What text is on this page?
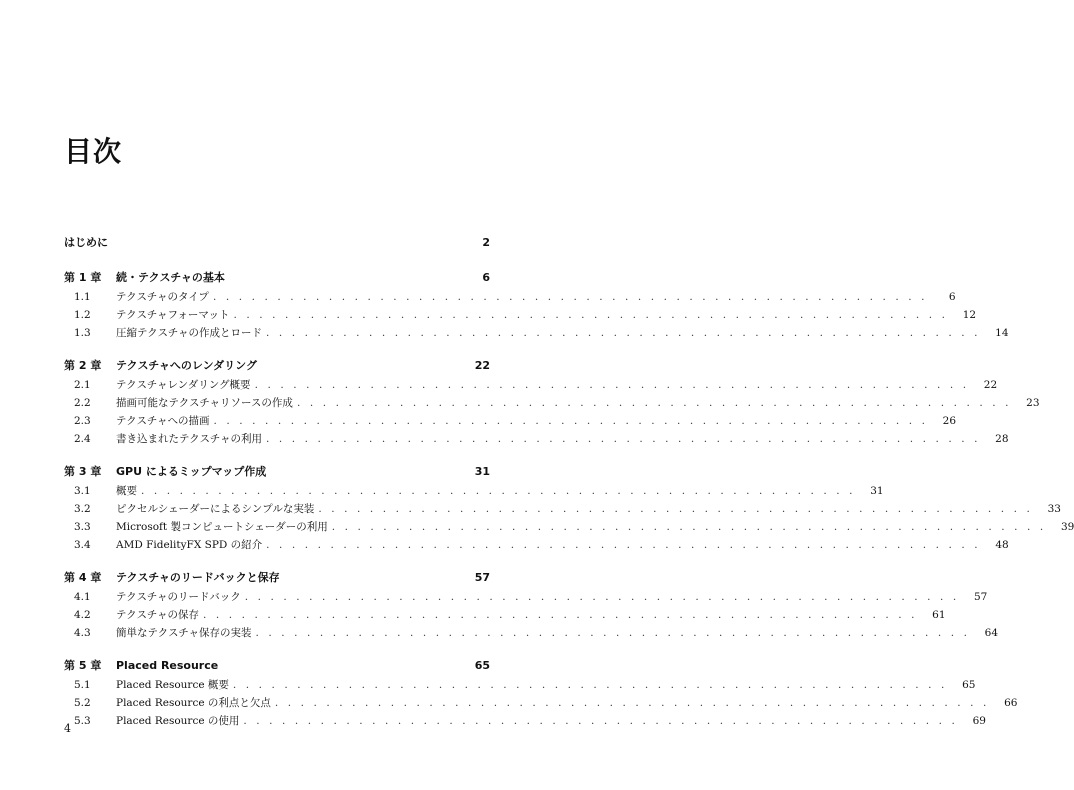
目次
はじめに	2
第 1 章	続・テクスチャの基本	6
1.1	テクスチャのタイプ . . .	6
1.2	テクスチャフォーマット . . .	12
1.3	圧縮テクスチャの作成とロード . . .	14
第 2 章	テクスチャへのレンダリング	22
2.1	テクスチャレンダリング概要 . . .	22
2.2	描画可能なテクスチャリソースの作成 . . .	23
2.3	テクスチャへの描画 . . .	26
2.4	書き込まれたテクスチャの利用 . . .	28
第 3 章	GPU によるミップマップ作成	31
3.1	概要 . . .	31
3.2	ピクセルシェーダーによるシンプルな実装 . . .	33
3.3	Microsoft 製コンピュートシェーダーの利用 . . .	39
3.4	AMD FidelityFX SPD の紹介 . . .	48
第 4 章	テクスチャのリードバックと保存	57
4.1	テクスチャのリードバック . . .	57
4.2	テクスチャの保存 . . .	61
4.3	簡単なテクスチャ保存の実装 . . .	64
第 5 章	Placed Resource	65
5.1	Placed Resource 概要 . . .	65
5.2	Placed Resource の利点と欠点 . . .	66
5.3	Placed Resource の使用 . . .	69
4
